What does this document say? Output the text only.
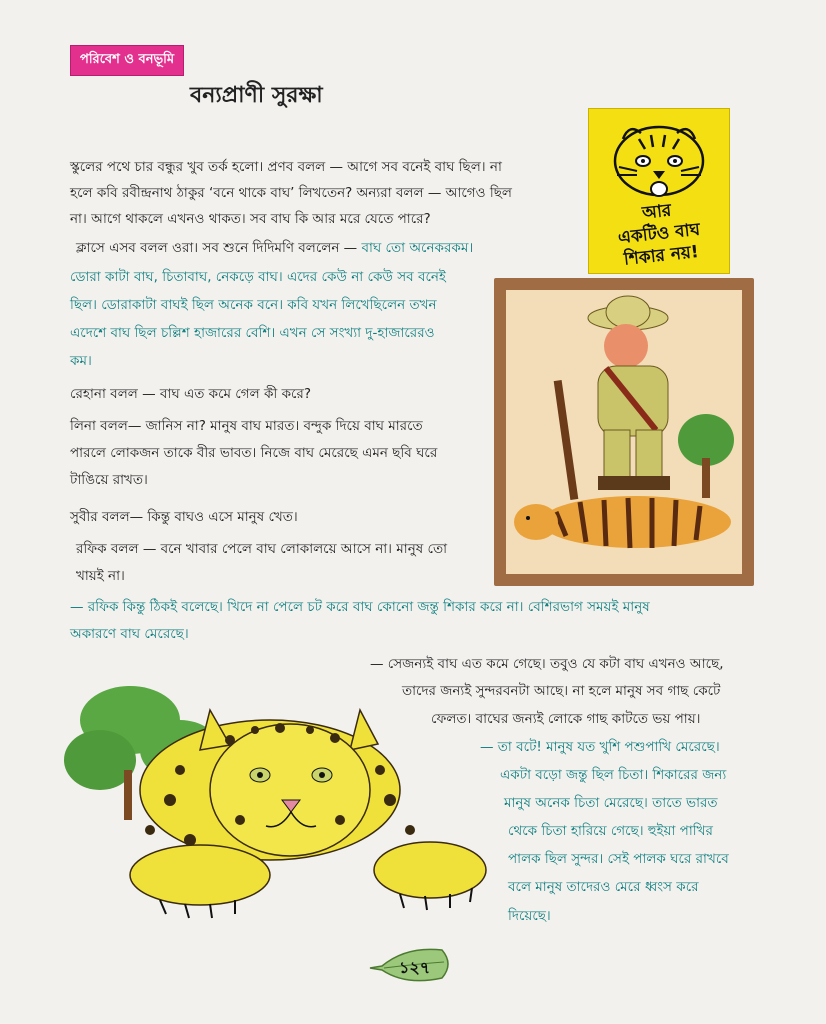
পরিবেশ ও বনভূমি
বন্যপ্রাণী সুরক্ষা
আর
একটিও বাঘ
শিকার নয়!
স্কুলের পথে চার বন্ধুর খুব তর্ক হলো। প্রণব বলল — আগে সব বনেই বাঘ ছিল। না
হলে কবি রবীন্দ্রনাথ ঠাকুর ‘বনে থাকে বাঘ’ লিখতেন? অন্যরা বলল — আগেও ছিল
না। আগে থাকলে এখনও থাকত। সব বাঘ কি আর মরে যেতে পারে?
ক্লাসে এসব বলল ওরা। সব শুনে দিদিমণি বললেন — বাঘ তো অনেকরকম।
ডোরা কাটা বাঘ, চিতাবাঘ, নেকড়ে বাঘ। এদের কেউ না কেউ সব বনেই
ছিল। ডোরাকাটা বাঘই ছিল অনেক বনে। কবি যখন লিখেছিলেন তখন
এদেশে বাঘ ছিল চল্লিশ হাজারের বেশি। এখন সে সংখ্যা দু-হাজারেরও
কম।
রেহানা বলল — বাঘ এত কমে গেল কী করে?
লিনা বলল— জানিস না? মানুষ বাঘ মারত। বন্দুক দিয়ে বাঘ মারতে
পারলে লোকজন তাকে বীর ভাবত। নিজে বাঘ মেরেছে এমন ছবি ঘরে
টাঙিয়ে রাখত।
সুবীর বলল— কিন্তু বাঘও এসে মানুষ খেত।
রফিক বলল — বনে খাবার পেলে বাঘ লোকালয়ে আসে না। মানুষ তো
খায়ই না।
— রফিক কিন্তু ঠিকই বলেছে। খিদে না পেলে চট করে বাঘ কোনো জন্তু শিকার করে না। বেশিরভাগ সময়ই মানুষ
অকারণে বাঘ মেরেছে।
— সেজন্যই বাঘ এত কমে গেছে। তবুও যে কটা বাঘ এখনও আছে,
তাদের জন্যই সুন্দরবনটা আছে। না হলে মানুষ সব গাছ কেটে
ফেলত। বাঘের জন্যই লোকে গাছ কাটতে ভয় পায়।
— তা বটে! মানুষ যত খুশি পশুপাখি মেরেছে।
একটা বড়ো জন্তু ছিল চিতা। শিকারের জন্য
মানুষ অনেক চিতা মেরেছে। তাতে ভারত
থেকে চিতা হারিয়ে গেছে। হুইয়া পাখির
পালক ছিল সুন্দর। সেই পালক ঘরে রাখবে
বলে মানুষ তাদেরও মেরে ধ্বংস করে
দিয়েছে।
১২৭
